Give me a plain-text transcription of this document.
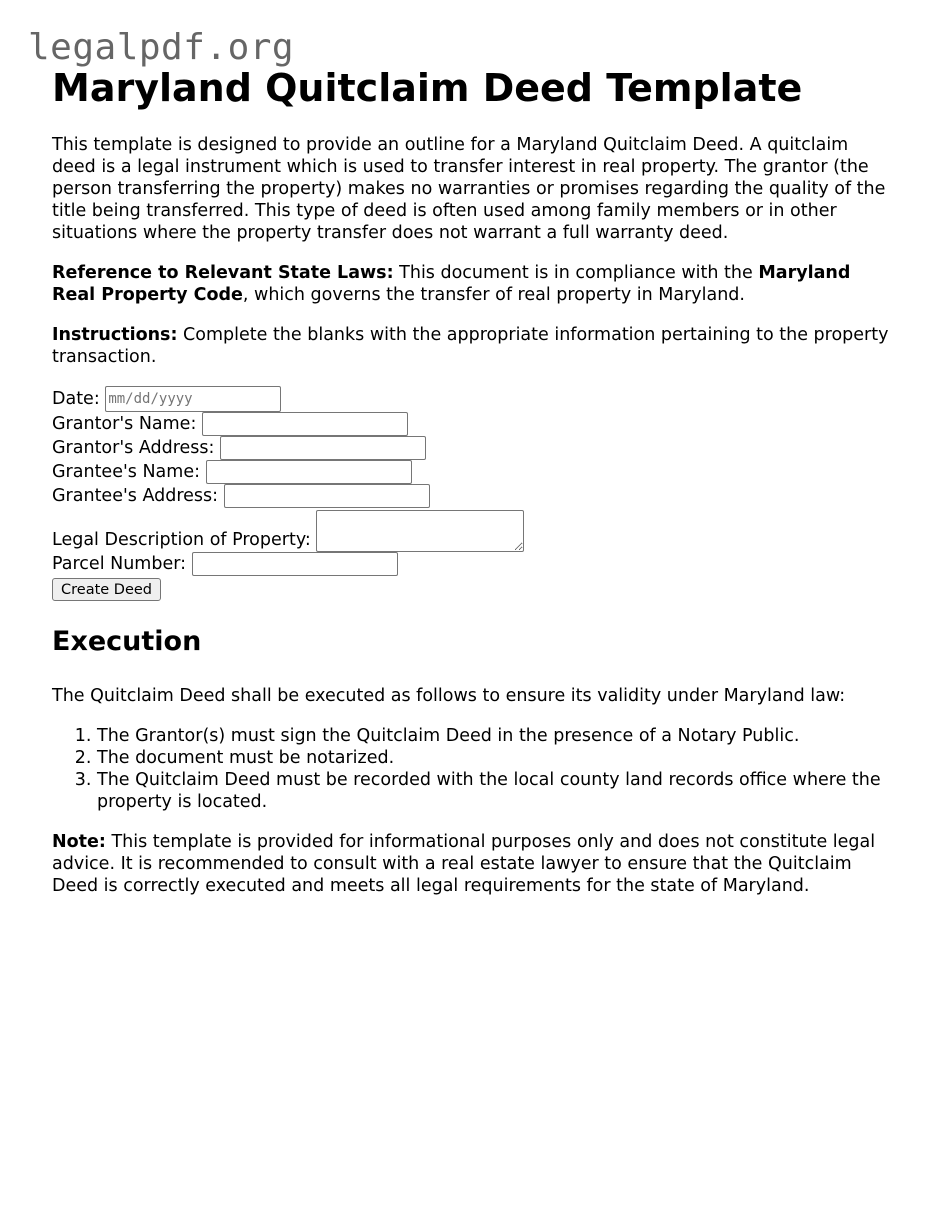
legalpdf.org
Maryland Quitclaim Deed Template

This template is designed to provide an outline for a Maryland Quitclaim Deed. A quitclaim deed is a legal instrument which is used to transfer interest in real property. The grantor (the person transferring the property) makes no warranties or promises regarding the quality of the title being transferred. This type of deed is often used among family members or in other situations where the property transfer does not warrant a full warranty deed.

Reference to Relevant State Laws: This document is in compliance with the Maryland Real Property Code, which governs the transfer of real property in Maryland.

Instructions: Complete the blanks with the appropriate information pertaining to the property transaction.

Date: mm/dd/yyyy
Grantor's Name:
Grantor's Address:
Grantee's Name:
Grantee's Address:
Legal Description of Property:
Parcel Number:
Create Deed
Execution

The Quitclaim Deed shall be executed as follows to ensure its validity under Maryland law:

1. The Grantor(s) must sign the Quitclaim Deed in the presence of a Notary Public.
2. The document must be notarized.
3. The Quitclaim Deed must be recorded with the local county land records office where the property is located.

Note: This template is provided for informational purposes only and does not constitute legal advice. It is recommended to consult with a real estate lawyer to ensure that the Quitclaim Deed is correctly executed and meets all legal requirements for the state of Maryland.
